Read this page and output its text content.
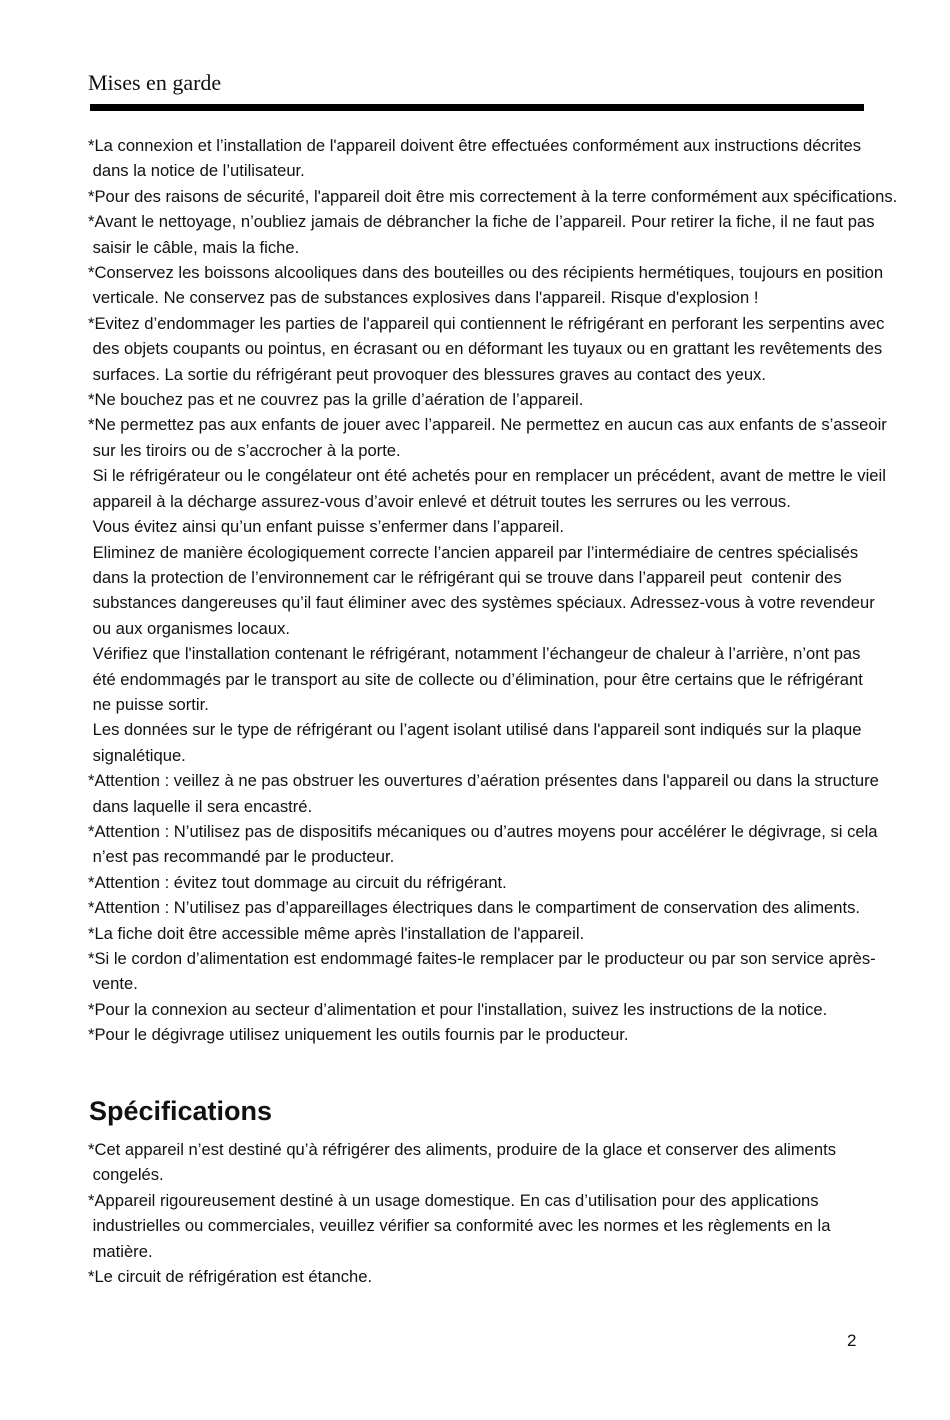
Mises en garde

*La connexion et l’installation de l'appareil doivent être effectuées conformément aux instructions décrites

dans la notice de l’utilisateur.

*Pour des raisons de sécurité, l'appareil doit être mis correctement à la terre conformément aux spécifications.

*Avant le nettoyage, n’oubliez jamais de débrancher la fiche de l’appareil. Pour retirer la fiche, il ne faut pas

saisir le câble, mais la fiche.

*Conservez les boissons alcooliques dans des bouteilles ou des récipients hermétiques, toujours en position

verticale. Ne conservez pas de substances explosives dans l'appareil. Risque d'explosion !

*Evitez d’endommager les parties de l'appareil qui contiennent le réfrigérant en perforant les serpentins avec

des objets coupants ou pointus, en écrasant ou en déformant les tuyaux ou en grattant les revêtements des

surfaces. La sortie du réfrigérant peut provoquer des blessures graves au contact des yeux.

*Ne bouchez pas et ne couvrez pas la grille d’aération de l’appareil.

*Ne permettez pas aux enfants de jouer avec l’appareil. Ne permettez en aucun cas aux enfants de s’asseoir

sur les tiroirs ou de s’accrocher à la porte.

Si le réfrigérateur ou le congélateur ont été achetés pour en remplacer un précédent, avant de mettre le vieil

appareil à la décharge assurez-vous d’avoir enlevé et détruit toutes les serrures ou les verrous.

Vous évitez ainsi qu’un enfant puisse s’enfermer dans l’appareil.

Eliminez de manière écologiquement correcte l’ancien appareil par l’intermédiaire de centres spécialisés

dans la protection de l’environnement car le réfrigérant qui se trouve dans l’appareil peut  contenir des

substances dangereuses qu’il faut éliminer avec des systèmes spéciaux. Adressez-vous à votre revendeur

ou aux organismes locaux.

Vérifiez que l'installation contenant le réfrigérant, notamment l’échangeur de chaleur à l’arrière, n’ont pas

été endommagés par le transport au site de collecte ou d’élimination, pour être certains que le réfrigérant

ne puisse sortir.

Les données sur le type de réfrigérant ou l’agent isolant utilisé dans l'appareil sont indiqués sur la plaque

signalétique.

*Attention : veillez à ne pas obstruer les ouvertures d’aération présentes dans l'appareil ou dans la structure

dans laquelle il sera encastré.

*Attention : N’utilisez pas de dispositifs mécaniques ou d’autres moyens pour accélérer le dégivrage, si cela

n’est pas recommandé par le producteur.

*Attention : évitez tout dommage au circuit du réfrigérant.

*Attention : N’utilisez pas d’appareillages électriques dans le compartiment de conservation des aliments.

*La fiche doit être accessible même après l'installation de l'appareil.

*Si le cordon d’alimentation est endommagé faites-le remplacer par le producteur ou par son service après-

vente.

*Pour la connexion au secteur d’alimentation et pour l'installation, suivez les instructions de la notice.

*Pour le dégivrage utilisez uniquement les outils fournis par le producteur.

Spécifications

*Cet appareil n’est destiné qu’à réfrigérer des aliments, produire de la glace et conserver des aliments

congelés.

*Appareil rigoureusement destiné à un usage domestique. En cas d’utilisation pour des applications

industrielles ou commerciales, veuillez vérifier sa conformité avec les normes et les règlements en la

matière.

*Le circuit de réfrigération est étanche.

2
